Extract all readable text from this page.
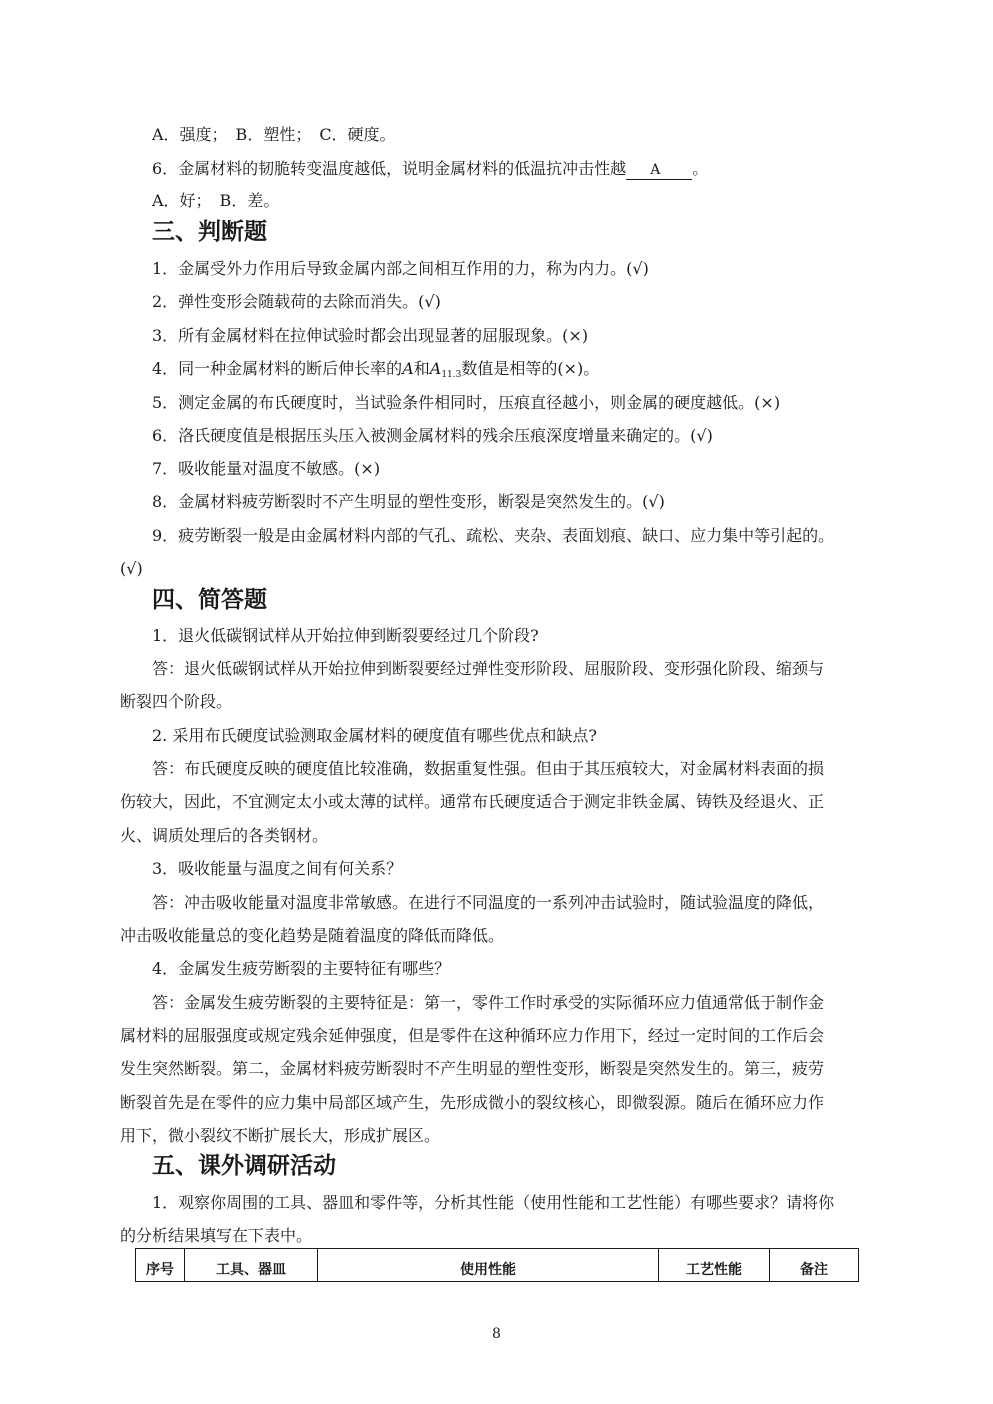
A．强度；　B．塑性；　C．硬度。
6．金属材料的韧脆转变温度越低，说明金属材料的低温抗冲击性越 A 。
A．好；　B．差。
三、判断题
1．金属受外力作用后导致金属内部之间相互作用的力，称为内力。(√)
2．弹性变形会随载荷的去除而消失。(√)
3．所有金属材料在拉伸试验时都会出现显著的屈服现象。(×)
4．同一种金属材料的断后伸长率的A和$A_{11.3}$数值是相等的(×)。
5．测定金属的布氏硬度时，当试验条件相同时，压痕直径越小，则金属的硬度越低。(×)
6．洛氏硬度值是根据压头压入被测金属材料的残余压痕深度增量来确定的。(√)
7．吸收能量对温度不敏感。(×)
8．金属材料疲劳断裂时不产生明显的塑性变形，断裂是突然发生的。(√)
9．疲劳断裂一般是由金属材料内部的气孔、疏松、夹杂、表面划痕、缺口、应力集中等引起的。
(√)
四、简答题
1．退火低碳钢试样从开始拉伸到断裂要经过几个阶段?
答：退火低碳钢试样从开始拉伸到断裂要经过弹性变形阶段、屈服阶段、变形强化阶段、缩颈与
断裂四个阶段。
2. 采用布氏硬度试验测取金属材料的硬度值有哪些优点和缺点?
答：布氏硬度反映的硬度值比较准确，数据重复性强。但由于其压痕较大，对金属材料表面的损
伤较大，因此，不宜测定太小或太薄的试样。通常布氏硬度适合于测定非铁金属、铸铁及经退火、正
火、调质处理后的各类钢材。
3．吸收能量与温度之间有何关系？
答：冲击吸收能量对温度非常敏感。在进行不同温度的一系列冲击试验时，随试验温度的降低，
冲击吸收能量总的变化趋势是随着温度的降低而降低。
4．金属发生疲劳断裂的主要特征有哪些？
答：金属发生疲劳断裂的主要特征是：第一，零件工作时承受的实际循环应力值通常低于制作金
属材料的屈服强度或规定残余延伸强度，但是零件在这种循环应力作用下，经过一定时间的工作后会
发生突然断裂。第二，金属材料疲劳断裂时不产生明显的塑性变形，断裂是突然发生的。第三，疲劳
断裂首先是在零件的应力集中局部区域产生，先形成微小的裂纹核心，即微裂源。随后在循环应力作
用下，微小裂纹不断扩展长大，形成扩展区。
五、课外调研活动
1．观察你周围的工具、器皿和零件等，分析其性能（使用性能和工艺性能）有哪些要求？请将你
的分析结果填写在下表中。
序号	工具、器皿	使用性能	工艺性能	备注
8
